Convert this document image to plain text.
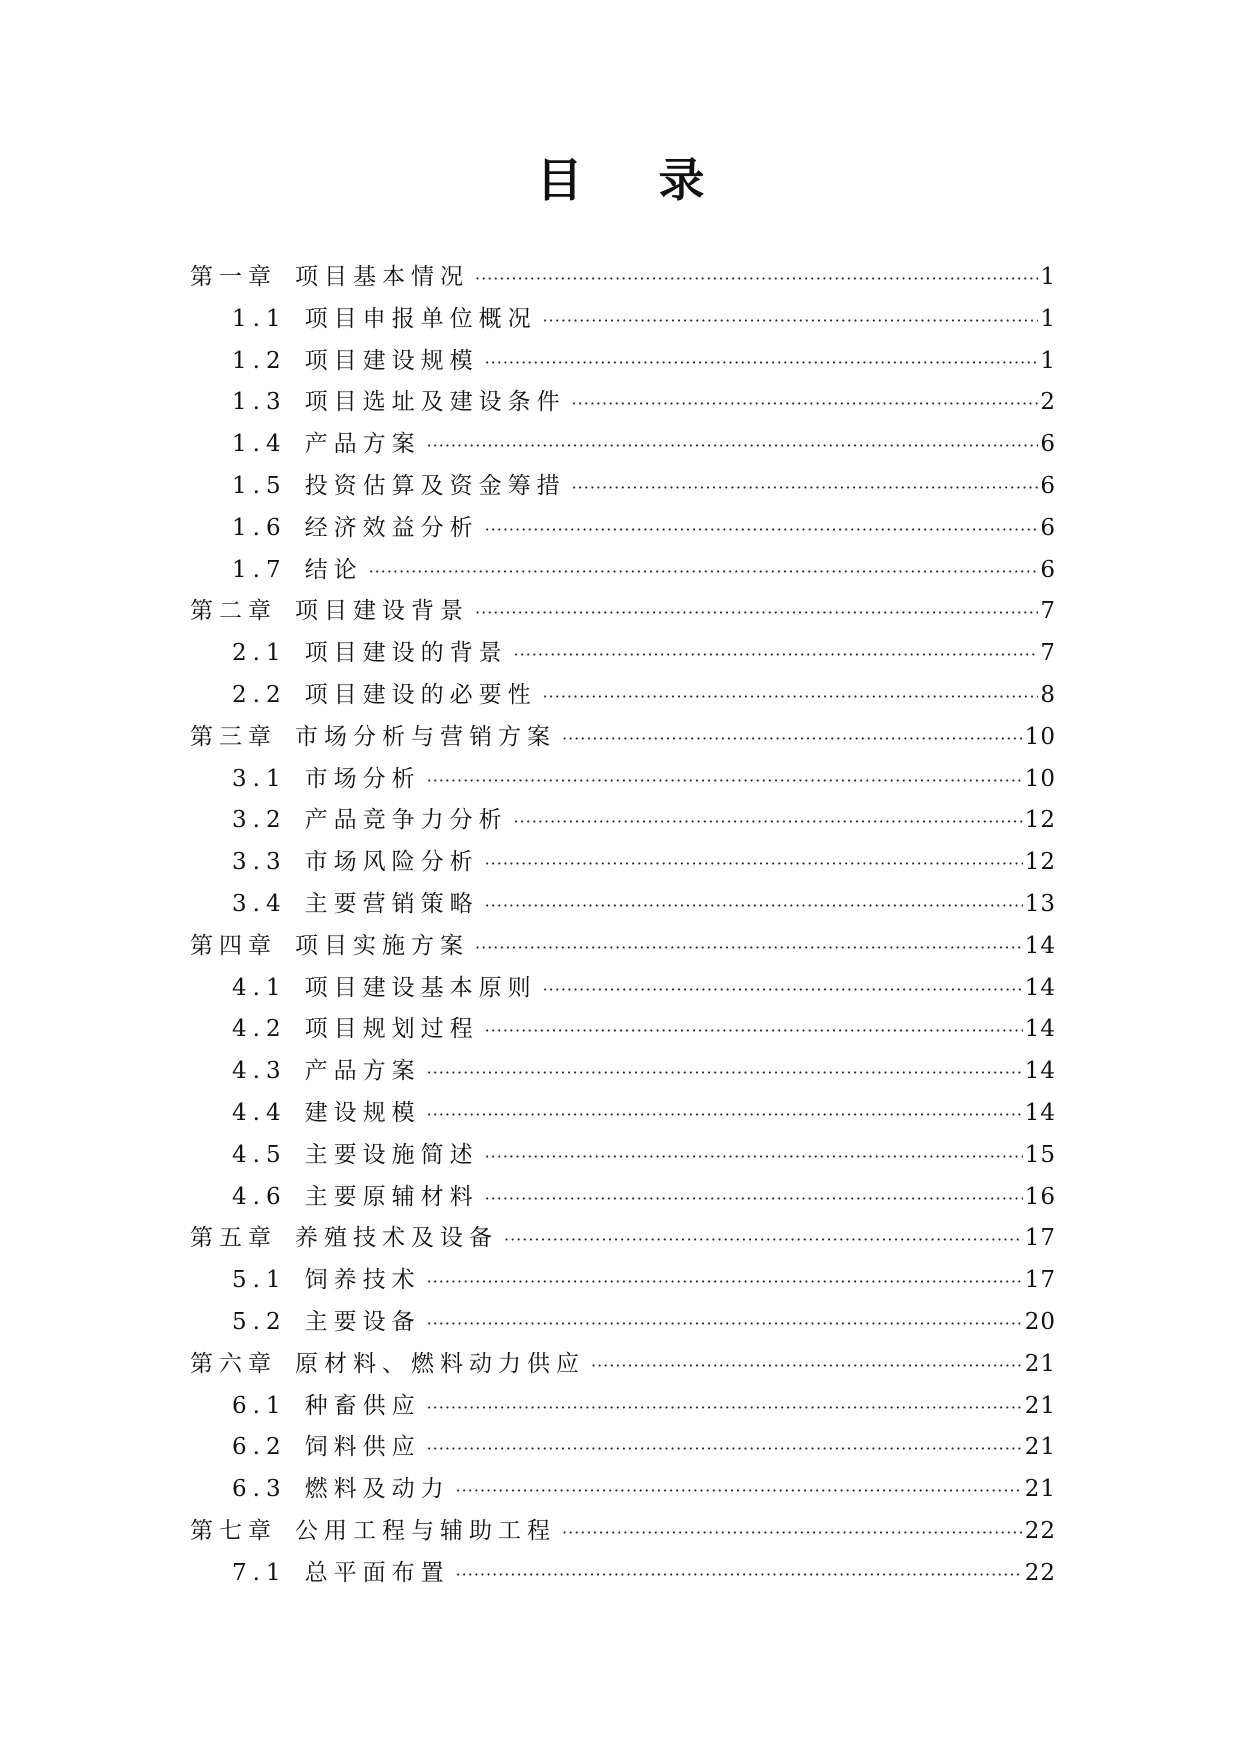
目 录
第一章 项目基本情况 ·····	1
1.1 项目申报单位概况 ·····	1
1.2 项目建设规模 ·····	1
1.3 项目选址及建设条件 ·····	2
1.4 产品方案 ·····	6
1.5 投资估算及资金筹措 ·····	6
1.6 经济效益分析 ·····	6
1.7 结论 ·····	6
第二章 项目建设背景 ·····	7
2.1 项目建设的背景 ·····	7
2.2 项目建设的必要性 ·····	8
第三章 市场分析与营销方案 ·····	10
3.1 市场分析 ·····	10
3.2 产品竞争力分析 ·····	12
3.3 市场风险分析 ·····	12
3.4 主要营销策略 ·····	13
第四章 项目实施方案 ·····	14
4.1 项目建设基本原则 ·····	14
4.2 项目规划过程 ·····	14
4.3 产品方案 ·····	14
4.4 建设规模 ·····	14
4.5 主要设施简述 ·····	15
4.6 主要原辅材料 ·····	16
第五章 养殖技术及设备 ·····	17
5.1 饲养技术 ·····	17
5.2 主要设备 ·····	20
第六章 原材料、燃料动力供应 ·····	21
6.1 种畜供应 ·····	21
6.2 饲料供应 ·····	21
6.3 燃料及动力 ·····	21
第七章 公用工程与辅助工程 ·····	22
7.1 总平面布置 ·····	22
